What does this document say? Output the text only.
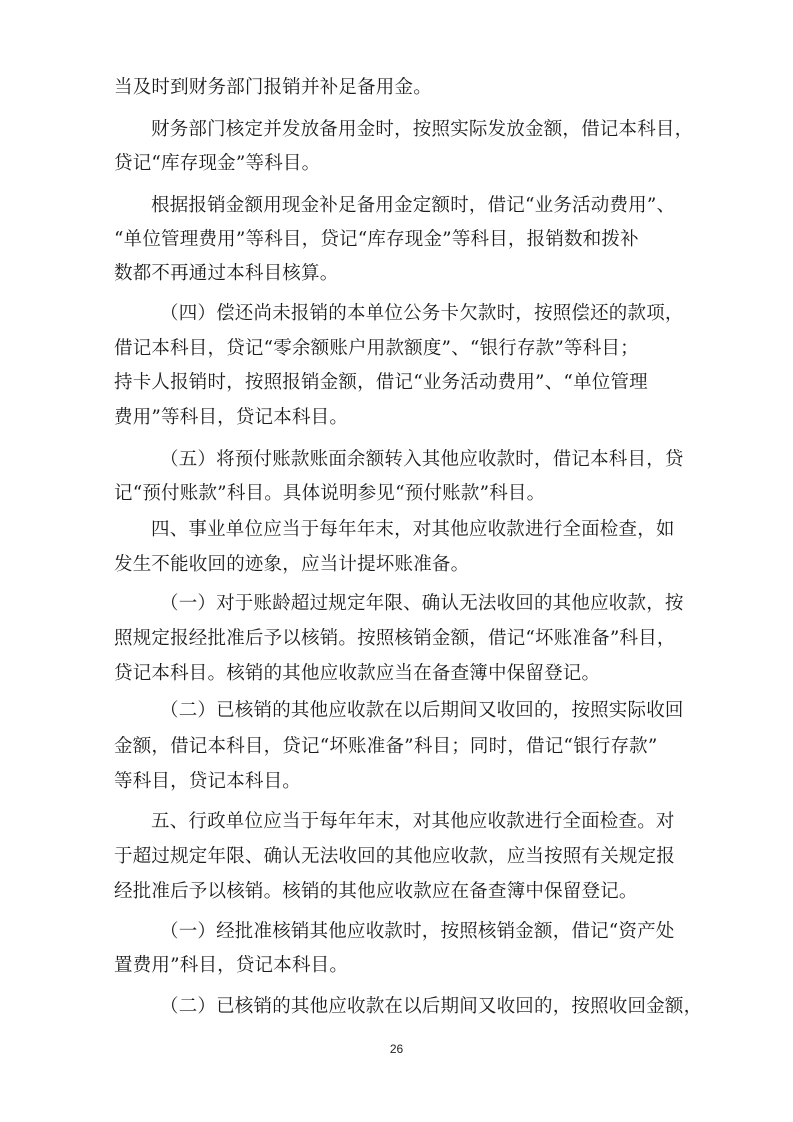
当及时到财务部门报销并补足备用金。
财务部门核定并发放备用金时，按照实际发放金额，借记本科目，
贷记“库存现金”等科目。
根据报销金额用现金补足备用金定额时，借记“业务活动费用”、
“单位管理费用”等科目，贷记“库存现金”等科目，报销数和拨补
数都不再通过本科目核算。
（四）偿还尚未报销的本单位公务卡欠款时，按照偿还的款项，
借记本科目，贷记“零余额账户用款额度”、“银行存款”等科目；
持卡人报销时，按照报销金额，借记“业务活动费用”、“单位管理
费用”等科目，贷记本科目。
（五）将预付账款账面余额转入其他应收款时，借记本科目，贷
记“预付账款”科目。具体说明参见“预付账款”科目。
四、事业单位应当于每年年末，对其他应收款进行全面检查，如
发生不能收回的迹象，应当计提坏账准备。
（一）对于账龄超过规定年限、确认无法收回的其他应收款，按
照规定报经批准后予以核销。按照核销金额，借记“坏账准备”科目，
贷记本科目。核销的其他应收款应当在备查簿中保留登记。
（二）已核销的其他应收款在以后期间又收回的，按照实际收回
金额，借记本科目，贷记“坏账准备”科目；同时，借记“银行存款”
等科目，贷记本科目。
五、行政单位应当于每年年末，对其他应收款进行全面检查。对
于超过规定年限、确认无法收回的其他应收款，应当按照有关规定报
经批准后予以核销。核销的其他应收款应在备查簿中保留登记。
（一）经批准核销其他应收款时，按照核销金额，借记“资产处
置费用”科目，贷记本科目。
（二）已核销的其他应收款在以后期间又收回的，按照收回金额，
26
